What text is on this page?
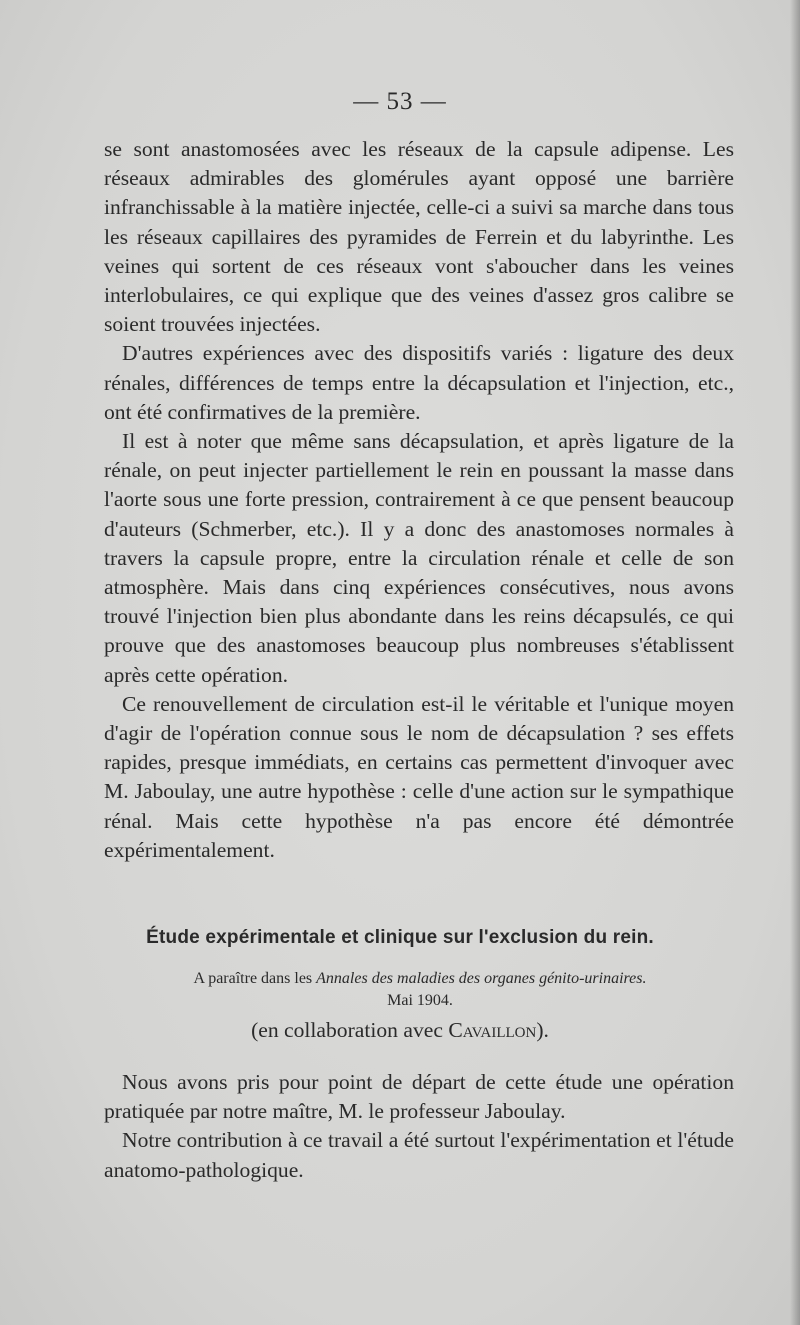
— 53 —

se sont anastomosées avec les réseaux de la capsule adipense. Les réseaux admirables des glomérules ayant opposé une barrière infranchissable à la matière injectée, celle-ci a suivi sa marche dans tous les réseaux capillaires des pyramides de Ferrein et du labyrinthe. Les veines qui sortent de ces réseaux vont s'aboucher dans les veines interlobulaires, ce qui explique que des veines d'assez gros calibre se soient trouvées injectées.

D'autres expériences avec des dispositifs variés : ligature des deux rénales, différences de temps entre la décapsulation et l'injection, etc., ont été confirmatives de la première.

Il est à noter que même sans décapsulation, et après ligature de la rénale, on peut injecter partiellement le rein en poussant la masse dans l'aorte sous une forte pression, contrairement à ce que pensent beaucoup d'auteurs (Schmerber, etc.). Il y a donc des anastomoses normales à travers la capsule propre, entre la circulation rénale et celle de son atmosphère. Mais dans cinq expériences consécutives, nous avons trouvé l'injection bien plus abondante dans les reins décapsulés, ce qui prouve que des anastomoses beaucoup plus nombreuses s'établissent après cette opération.

Ce renouvellement de circulation est-il le véritable et l'unique moyen d'agir de l'opération connue sous le nom de décapsulation ? ses effets rapides, presque immédiats, en certains cas permettent d'invoquer avec M. Jaboulay, une autre hypothèse : celle d'une action sur le sympathique rénal. Mais cette hypothèse n'a pas encore été démontrée expérimentalement.

Étude expérimentale et clinique sur l'exclusion du rein.
A paraître dans les Annales des maladies des organes génito-urinaires.
Mai 1904.
(en collaboration avec Cavaillon).

Nous avons pris pour point de départ de cette étude une opération pratiquée par notre maître, M. le professeur Jaboulay.

Notre contribution à ce travail a été surtout l'expérimentation et l'étude anatomo-pathologique.
